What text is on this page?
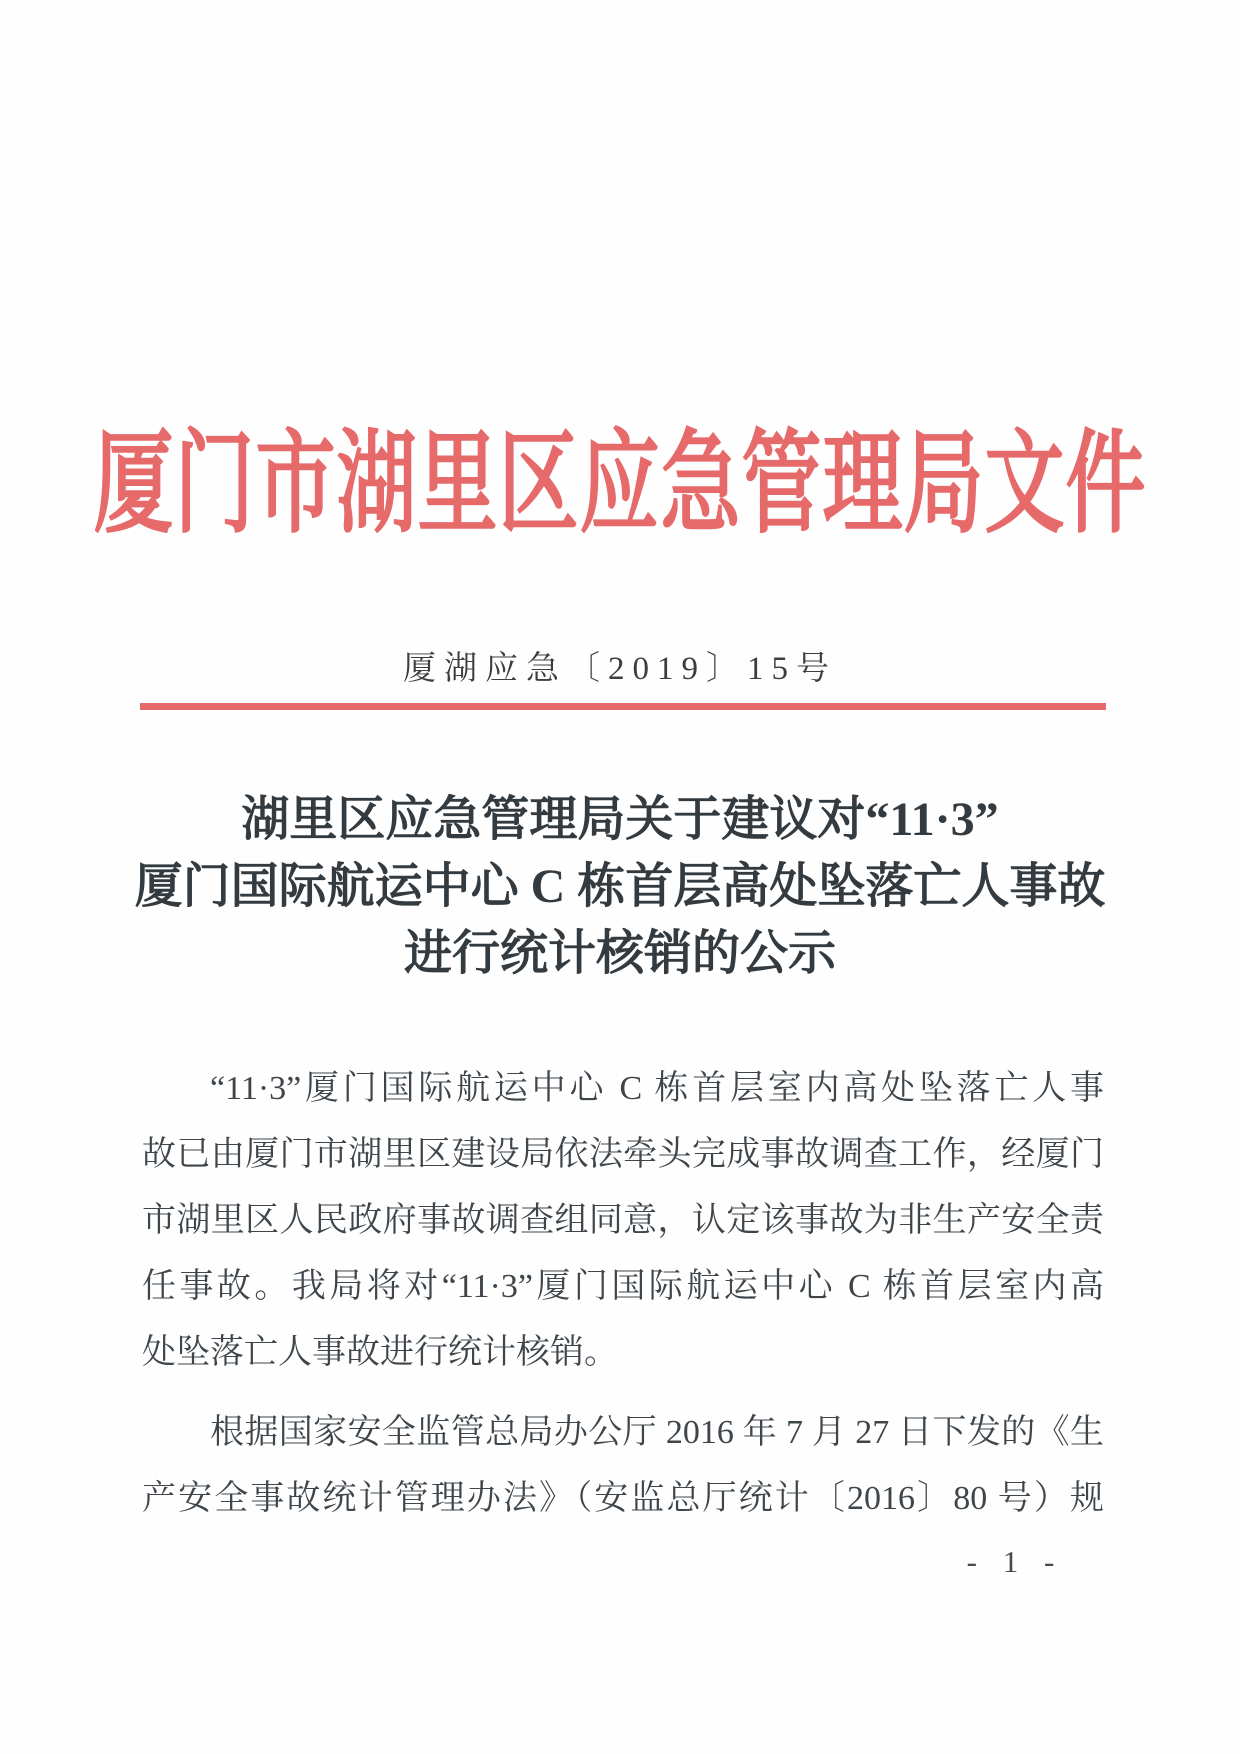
厦门市湖里区应急管理局文件
厦湖应急〔2019〕15号
湖里区应急管理局关于建议对“11·3”
厦门国际航运中心 C 栋首层高处坠落亡人事故
进行统计核销的公示
“11·3”厦门国际航运中心 C 栋首层室内高处坠落亡人事
故已由厦门市湖里区建设局依法牵头完成事故调查工作，经厦门
市湖里区人民政府事故调查组同意，认定该事故为非生产安全责
任事故。我局将对“11·3”厦门国际航运中心 C 栋首层室内高
处坠落亡人事故进行统计核销。
根据国家安全监管总局办公厅 2016 年 7 月 27 日下发的《生
产安全事故统计管理办法》（安监总厅统计〔2016〕80 号）规
- 1 -
